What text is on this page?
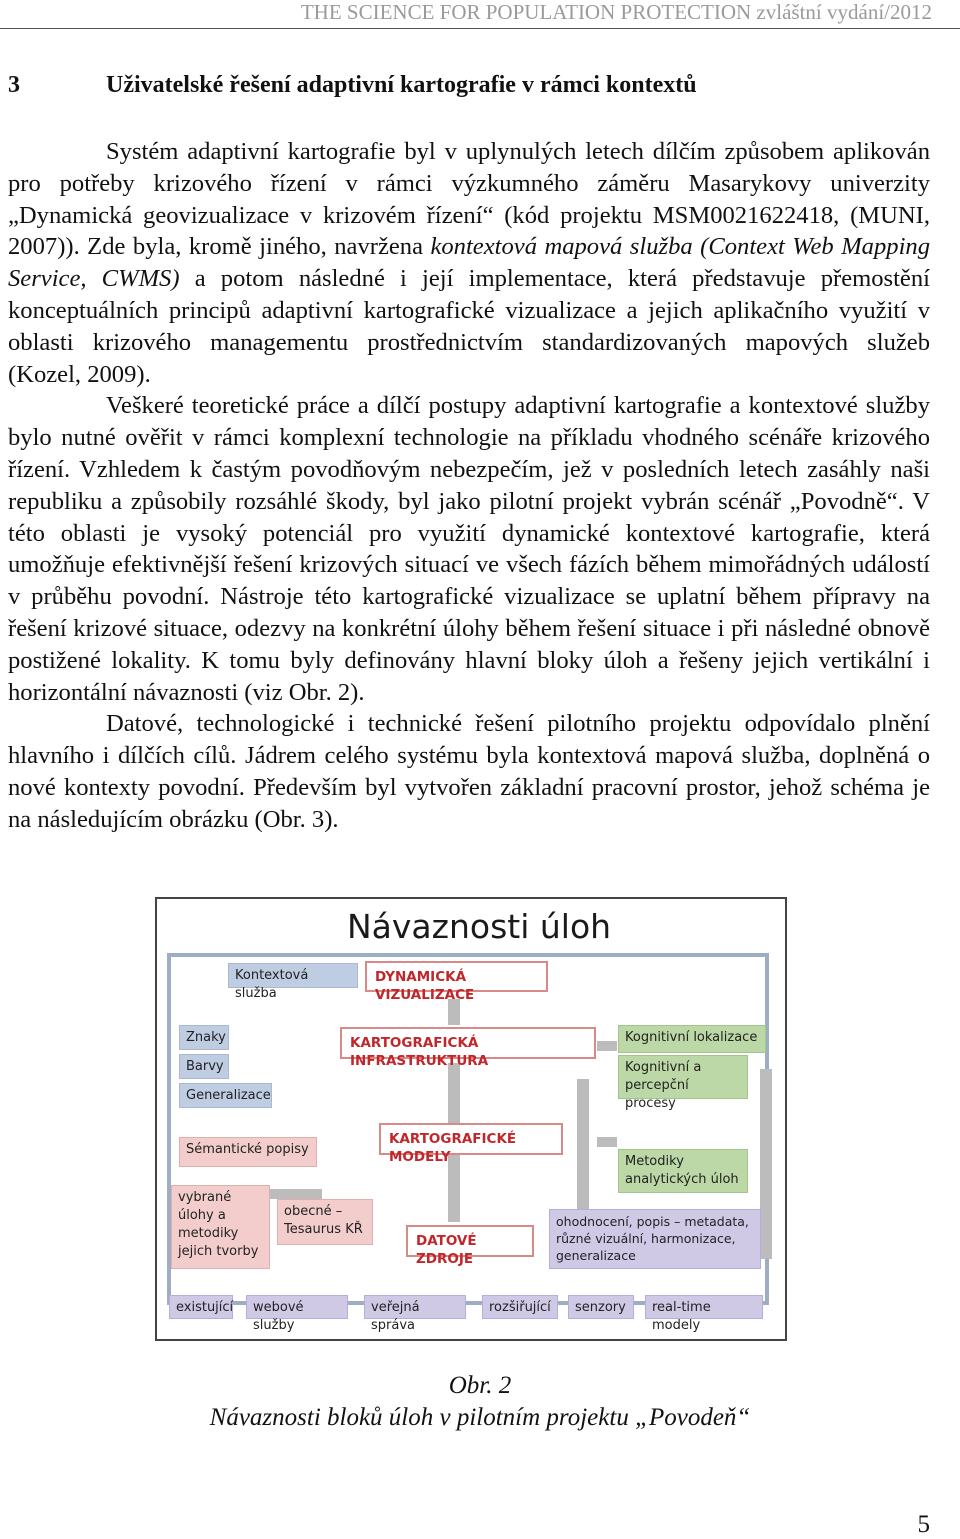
THE SCIENCE FOR POPULATION PROTECTION zvláštní vydání/2012
3	Uživatelské řešení adaptivní kartografie v rámci kontextů

Systém adaptivní kartografie byl v uplynulých letech dílčím způsobem aplikován pro potřeby krizového řízení v rámci výzkumného záměru Masarykovy univerzity „Dynamická geovizualizace v krizovém řízení“ (kód projektu MSM0021622418, (MUNI, 2007)). Zde byla, kromě jiného, navržena kontextová mapová služba (Context Web Mapping Service, CWMS) a potom následné i její implementace, která představuje přemostění konceptuálních principů adaptivní kartografické vizualizace a jejich aplikačního využití v oblasti krizového managementu prostřednictvím standardizovaných mapových služeb (Kozel, 2009).

Veškeré teoretické práce a dílčí postupy adaptivní kartografie a kontextové služby bylo nutné ověřit v rámci komplexní technologie na příkladu vhodného scénáře krizového řízení. Vzhledem k častým povodňovým nebezpečím, jež v posledních letech zasáhly naši republiku a způsobily rozsáhlé škody, byl jako pilotní projekt vybrán scénář „Povodně“. V této oblasti je vysoký potenciál pro využití dynamické kontextové kartografie, která umožňuje efektivnější řešení krizových situací ve všech fázích během mimořádných událostí v průběhu povodní. Nástroje této kartografické vizualizace se uplatní během přípravy na řešení krizové situace, odezvy na konkrétní úlohy během řešení situace i při následné obnově postižené lokality. K tomu byly definovány hlavní bloky úloh a řešeny jejich vertikální i horizontální návaznosti (viz Obr. 2).

Datové, technologické i technické řešení pilotního projektu odpovídalo plnění hlavního i dílčích cílů. Jádrem celého systému byla kontextová mapová služba, doplněná o nové kontexty povodní. Především byl vytvořen základní pracovní prostor, jehož schéma je na následujícím obrázku (Obr. 3).

Návaznosti úloh
Kontextová služba
DYNAMICKÁ VIZUALIZACE
Znaky
Barvy
Generalizace
KARTOGRAFICKÁ INFRASTRUKTURA
Kognitivní lokalizace
Kognitivní a percepční procesy
Sémantické popisy
KARTOGRAFICKÉ MODELY	Metodiky analytických úloh
vybrané úlohy a metodiky jejich tvorby
obecné – Tesaurus KŘ
DATOVÉ ZDROJE
ohodnocení, popis – metadata, různé vizuální, harmonizace, generalizace
existující	webové služby
veřejná správa
rozšiřující	senzory	real-time modely
Obr. 2
Návaznosti bloků úloh v pilotním projektu „Povodeň“
5
